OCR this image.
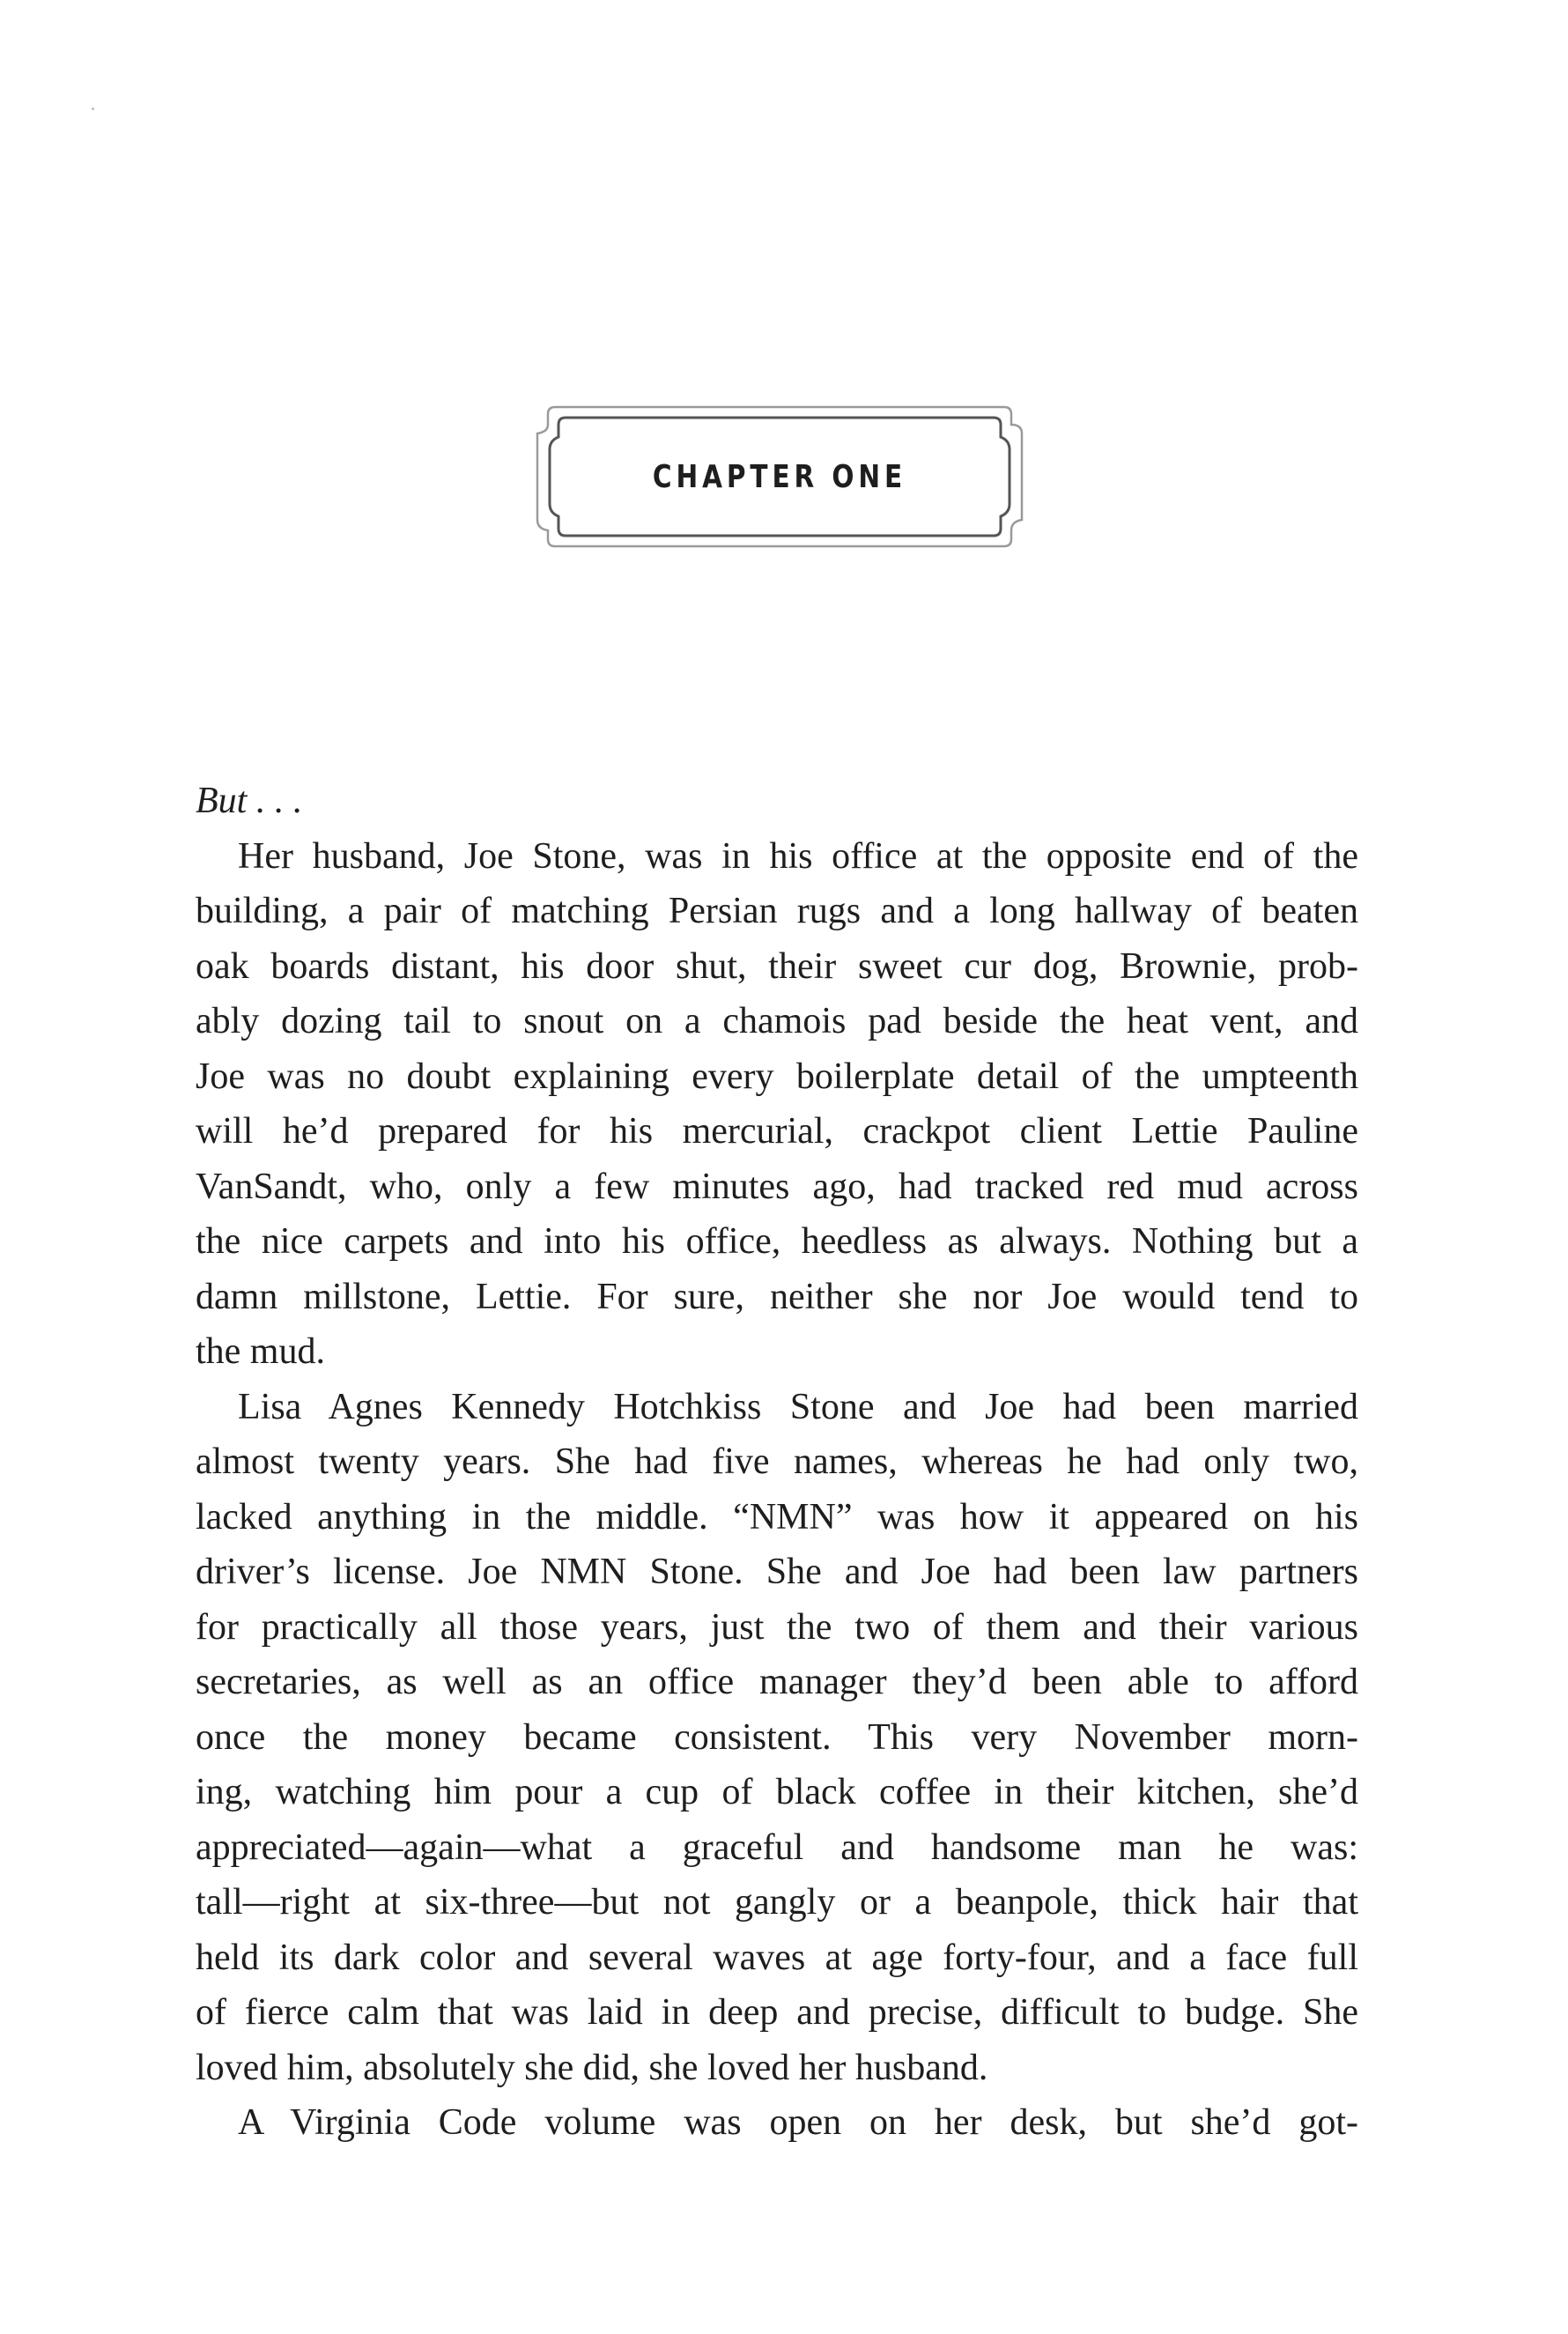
CHAPTER ONE
But . . .
Her husband, Joe Stone, was in his office at the opposite end of the
building, a pair of matching Persian rugs and a long hallway of beaten
oak boards distant, his door shut, their sweet cur dog, Brownie, prob-
ably dozing tail to snout on a chamois pad beside the heat vent, and
Joe was no doubt explaining every boilerplate detail of the umpteenth
will he’d prepared for his mercurial, crackpot client Lettie Pauline
VanSandt, who, only a few minutes ago, had tracked red mud across
the nice carpets and into his office, heedless as always. Nothing but a
damn millstone, Lettie. For sure, neither she nor Joe would tend to
the mud.
Lisa Agnes Kennedy Hotchkiss Stone and Joe had been married
almost twenty years. She had five names, whereas he had only two,
lacked anything in the middle. “NMN” was how it appeared on his
driver’s license. Joe NMN Stone. She and Joe had been law partners
for practically all those years, just the two of them and their various
secretaries, as well as an office manager they’d been able to afford
once the money became consistent. This very November morn-
ing, watching him pour a cup of black coffee in their kitchen, she’d
appreciated—again—what a graceful and handsome man he was:
tall—right at six-three—but not gangly or a beanpole, thick hair that
held its dark color and several waves at age forty-four, and a face full
of fierce calm that was laid in deep and precise, difficult to budge. She
loved him, absolutely she did, she loved her husband.
A Virginia Code volume was open on her desk, but she’d got-
